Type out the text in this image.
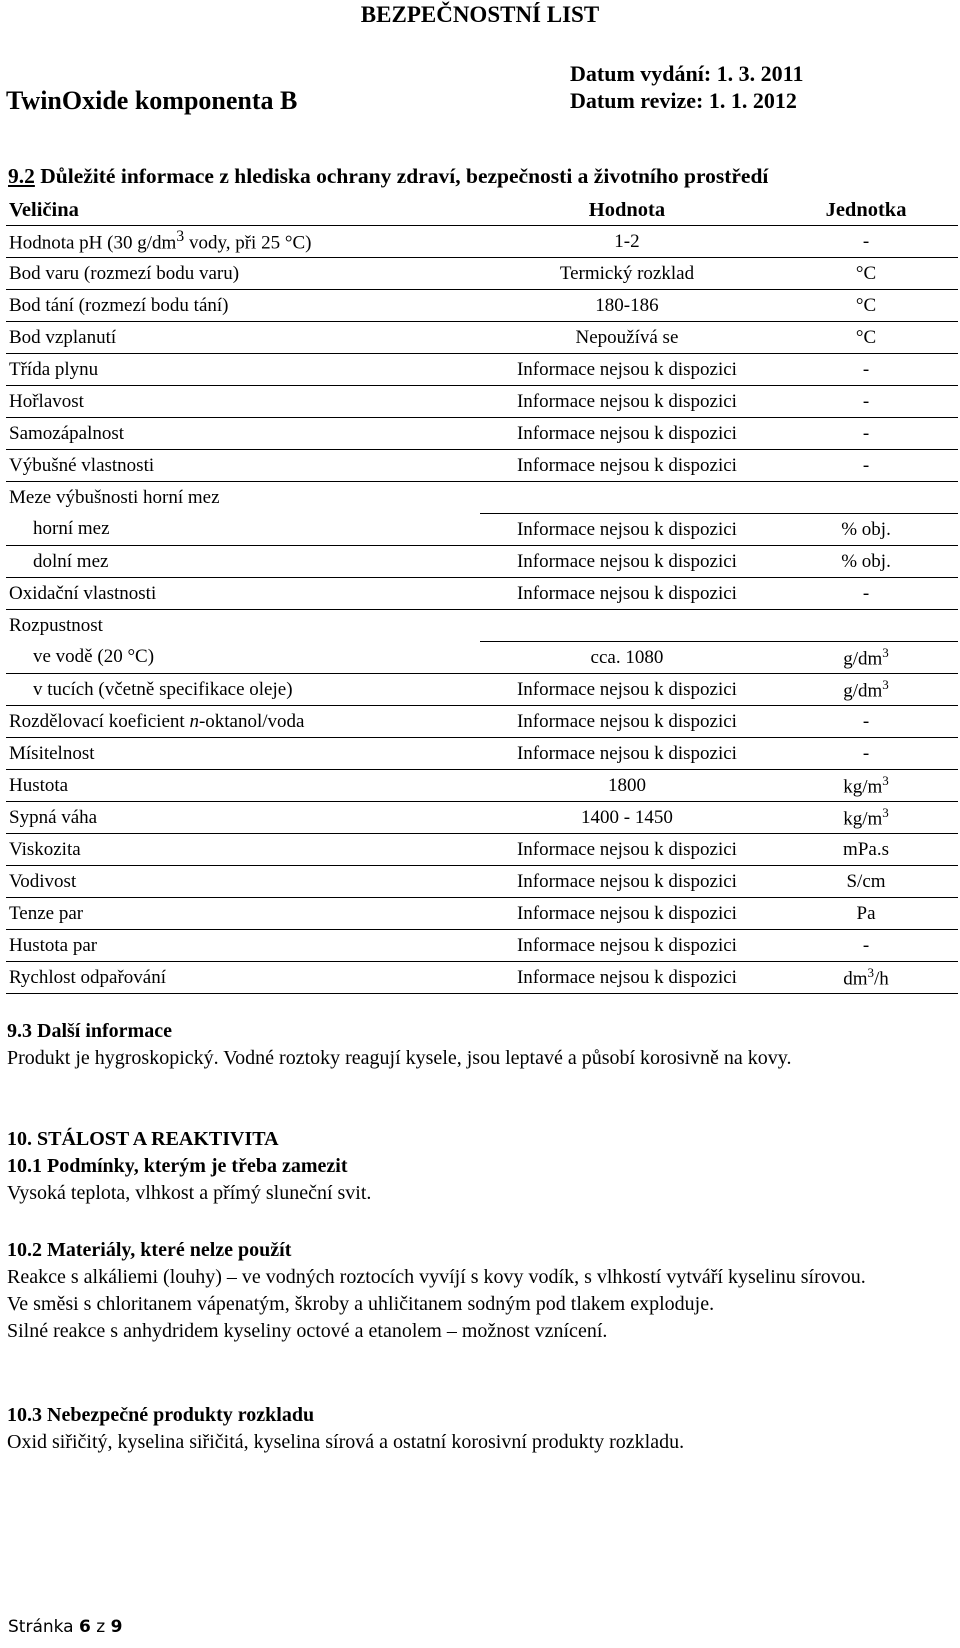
BEZPEČNOSTNÍ LIST
TwinOxide komponenta B
Datum vydání: 1. 3. 2011
Datum revize: 1. 1. 2012
9.2 Důležité informace z hlediska ochrany zdraví, bezpečnosti a životního prostředí
Veličina	Hodnota	Jednotka
Hodnota pH (30 $g/dm^3$ vody, při 25 °C)	1-2	-
Bod varu (rozmezí bodu varu)	Termický rozklad	°C
Bod tání (rozmezí bodu tání)	180-186	°C
Bod vzplanutí	Nepoužívá se	°C
Třída plynu	Informace nejsou k dispozici	-
Hořlavost	Informace nejsou k dispozici	-
Samozápalnost	Informace nejsou k dispozici	-
Výbušné vlastnosti	Informace nejsou k dispozici	-
Meze výbušnosti horní mez		
horní mez	Informace nejsou k dispozici	% obj.
dolní mez	Informace nejsou k dispozici	% obj.
Oxidační vlastnosti	Informace nejsou k dispozici	-
Rozpustnost		
ve vodě (20 °C)	cca. 1080	$g/dm^3$
v tucích (včetně specifikace oleje)	Informace nejsou k dispozici	$g/dm^3$
Rozdělovací koeficient n-oktanol/voda	Informace nejsou k dispozici	-
Mísitelnost	Informace nejsou k dispozici	-
Hustota	1800	$kg/m^3$
Sypná váha	1400 - 1450	$kg/m^3$
Viskozita	Informace nejsou k dispozici	mPa.s
Vodivost	Informace nejsou k dispozici	S/cm
Tenze par	Informace nejsou k dispozici	Pa
Hustota par	Informace nejsou k dispozici	-
Rychlost odpařování	Informace nejsou k dispozici	$dm^3/h$
9.3 Další informace
Produkt je hygroskopický. Vodné roztoky reagují kysele, jsou leptavé a působí korosivně na kovy.
10. STÁLOST A REAKTIVITA
10.1 Podmínky, kterým je třeba zamezit
Vysoká teplota, vlhkost a přímý sluneční svit.
10.2 Materiály, které nelze použít
Reakce s alkáliemi (louhy) – ve vodných roztocích vyvíjí s kovy vodík, s vlhkostí vytváří kyselinu sírovou.
Ve směsi s chloritanem vápenatým, škroby a uhličitanem sodným pod tlakem exploduje.
Silné reakce s anhydridem kyseliny octové a etanolem – možnost vznícení.
10.3 Nebezpečné produkty rozkladu
Oxid siřičitý, kyselina siřičitá, kyselina sírová a ostatní korosivní produkty rozkladu.
Stránka 6 z 9
